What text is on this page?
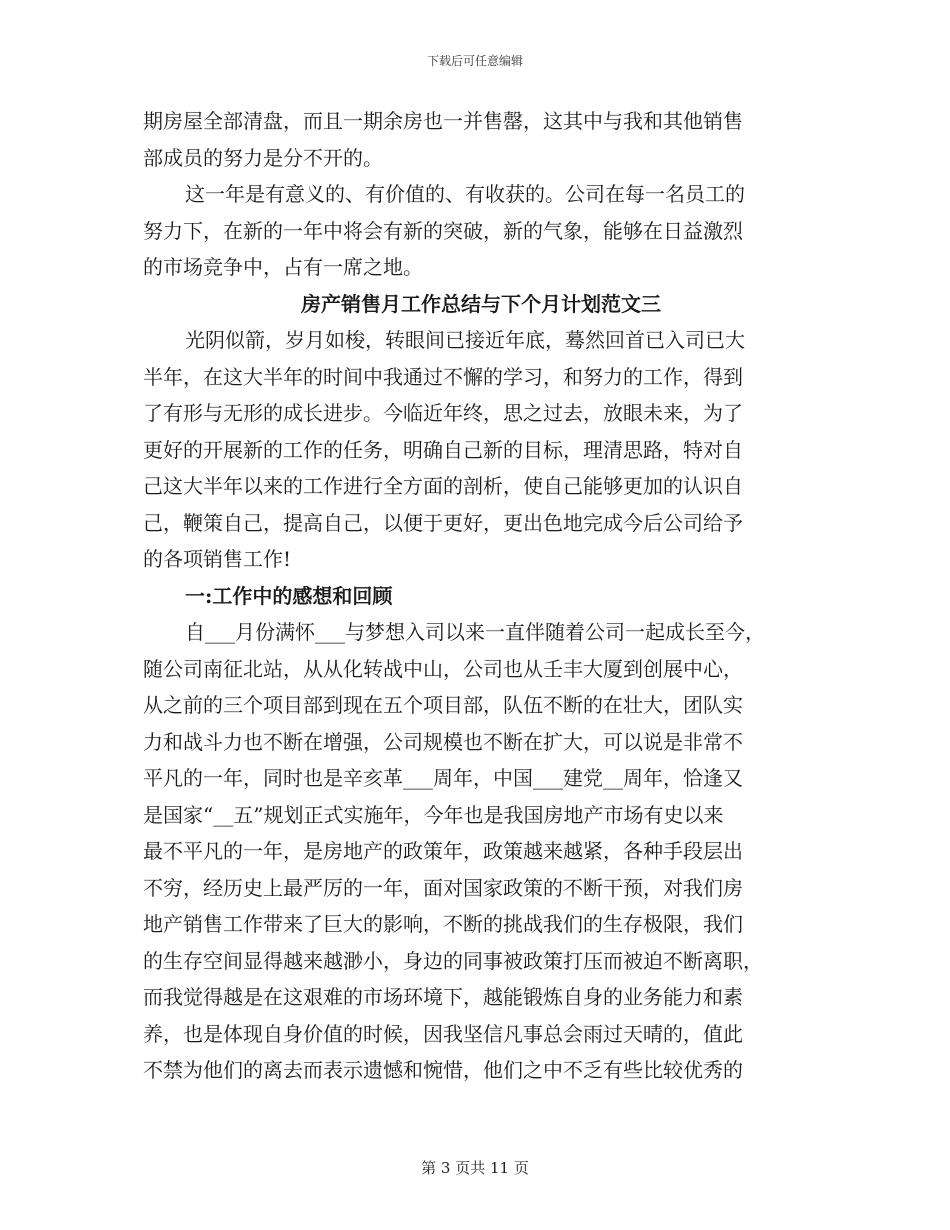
下载后可任意编辑

期房屋全部清盘，而且一期余房也一并售罄，这其中与我和其他销售
部成员的努力是分不开的。

这一年是有意义的、有价值的、有收获的。公司在每一名员工的
努力下，在新的一年中将会有新的突破，新的气象，能够在日益激烈
的市场竞争中，占有一席之地。

房产销售月工作总结与下个月计划范文三

光阴似箭，岁月如梭，转眼间已接近年底，蓦然回首已入司已大
半年，在这大半年的时间中我通过不懈的学习，和努力的工作，得到
了有形与无形的成长进步。今临近年终，思之过去，放眼未来，为了
更好的开展新的工作的任务，明确自己新的目标，理清思路，特对自
己这大半年以来的工作进行全方面的剖析，使自己能够更加的认识自
己，鞭策自己，提高自己，以便于更好，更出色地完成今后公司给予
的各项销售工作!

一:工作中的感想和回顾

自___月份满怀___与梦想入司以来一直伴随着公司一起成长至今，
随公司南征北站，从从化转战中山，公司也从壬丰大厦到创展中心，
从之前的三个项目部到现在五个项目部，队伍不断的在壮大，团队实
力和战斗力也不断在增强，公司规模也不断在扩大，可以说是非常不
平凡的一年，同时也是辛亥革___周年，中国___建党__周年，恰逢又
是国家“__五”规划正式实施年，今年也是我国房地产市场有史以来
最不平凡的一年，是房地产的政策年，政策越来越紧，各种手段层出
不穷，经历史上最严厉的一年，面对国家政策的不断干预，对我们房
地产销售工作带来了巨大的影响，不断的挑战我们的生存极限，我们
的生存空间显得越来越渺小，身边的同事被政策打压而被迫不断离职，
而我觉得越是在这艰难的市场环境下，越能锻炼自身的业务能力和素
养，也是体现自身价值的时候，因我坚信凡事总会雨过天晴的，值此
不禁为他们的离去而表示遗憾和惋惜，他们之中不乏有些比较优秀的

第 3 页共 11 页
